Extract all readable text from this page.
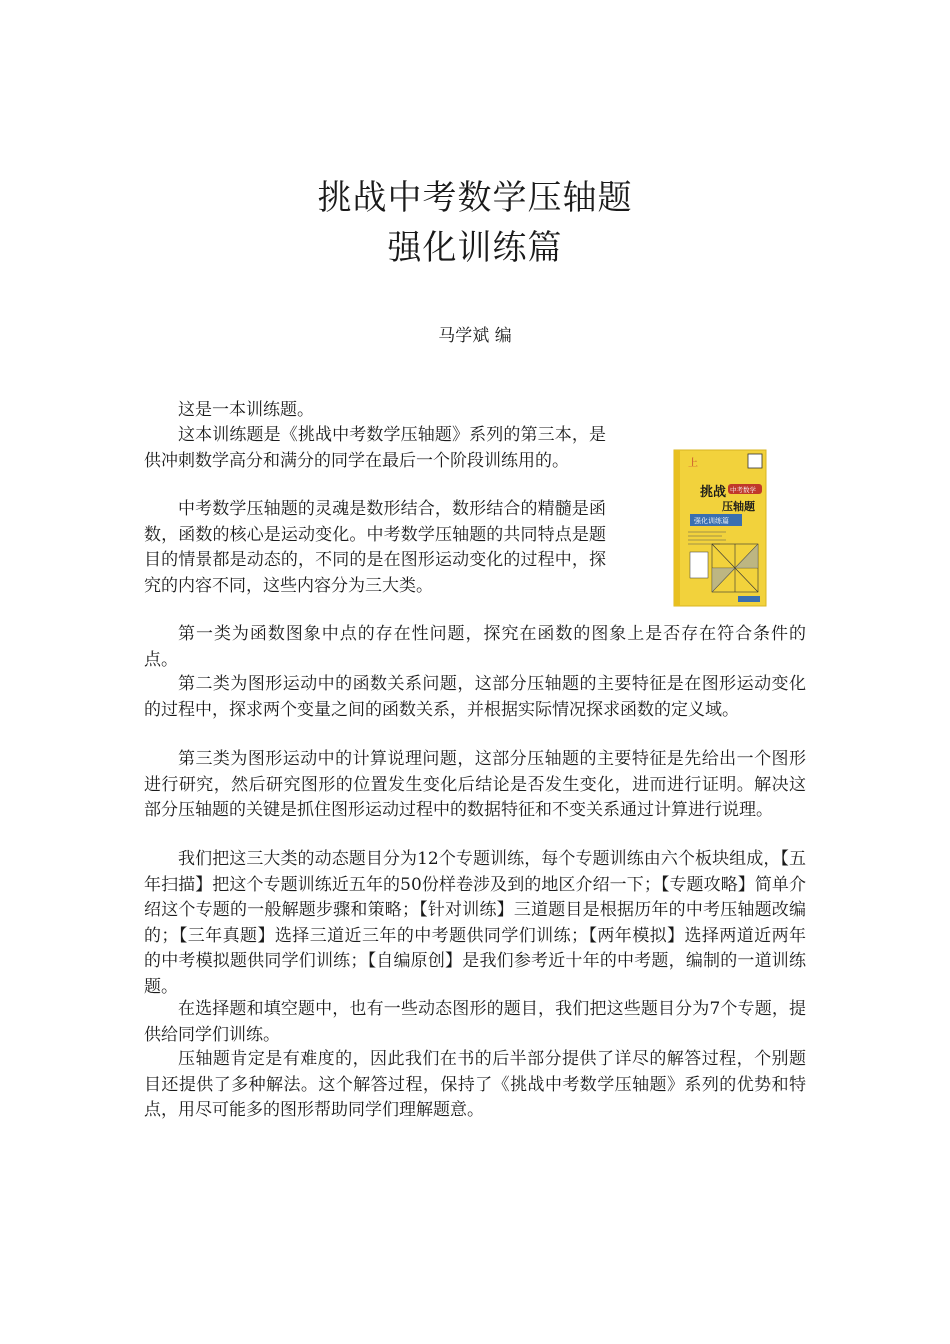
挑战中考数学压轴题
强化训练篇
马学斌 编

这是一本训练题。

这本训练题是《挑战中考数学压轴题》系列的第三本，是供冲刺数学高分和满分的同学在最后一个阶段训练用的。

中考数学压轴题的灵魂是数形结合，数形结合的精髓是函数，函数的核心是运动变化。中考数学压轴题的共同特点是题目的情景都是动态的，不同的是在图形运动变化的过程中，探究的内容不同，这些内容分为三大类。

第一类为函数图象中点的存在性问题，探究在函数的图象上是否存在符合条件的点。

第二类为图形运动中的函数关系问题，这部分压轴题的主要特征是在图形运动变化的过程中，探求两个变量之间的函数关系，并根据实际情况探求函数的定义域。

第三类为图形运动中的计算说理问题，这部分压轴题的主要特征是先给出一个图形进行研究，然后研究图形的位置发生变化后结论是否发生变化，进而进行证明。解决这部分压轴题的关键是抓住图形运动过程中的数据特征和不变关系通过计算进行说理。

我们把这三大类的动态题目分为12个专题训练，每个专题训练由六个板块组成，【五年扫描】把这个专题训练近五年的50份样卷涉及到的地区介绍一下；【专题攻略】简单介绍这个专题的一般解题步骤和策略；【针对训练】三道题目是根据历年的中考压轴题改编的；【三年真题】选择三道近三年的中考题供同学们训练；【两年模拟】选择两道近两年的中考模拟题供同学们训练；【自编原创】是我们参考近十年的中考题，编制的一道训练题。

在选择题和填空题中，也有一些动态图形的题目，我们把这些题目分为7个专题，提供给同学们训练。

压轴题肯定是有难度的，因此我们在书的后半部分提供了详尽的解答过程，个别题目还提供了多种解法。这个解答过程，保持了《挑战中考数学压轴题》系列的优势和特点，用尽可能多的图形帮助同学们理解题意。

上
挑战 中考数学
压轴题
强化训练篇
